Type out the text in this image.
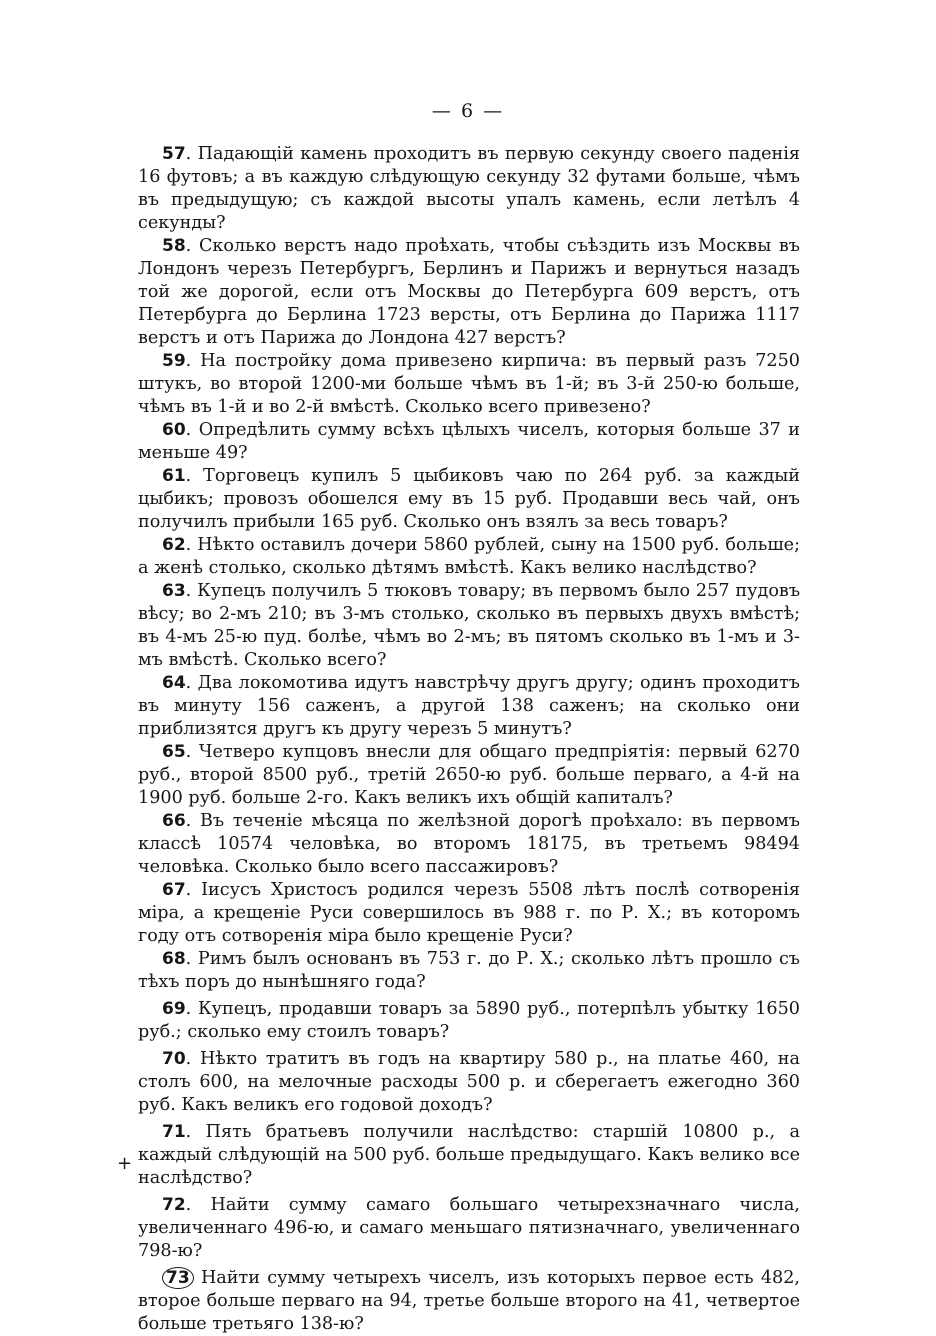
— 6 —

57. Падающій камень проходитъ въ первую секунду своего паденія 16 футовъ; а въ каждую слѣдующую секунду 32 футами больше, чѣмъ въ предыдущую; съ каждой высоты упалъ камень, если летѣлъ 4 секунды?

58. Сколько верстъ надо проѣхать, чтобы съѣздить изъ Москвы въ Лондонъ черезъ Петербургъ, Берлинъ и Парижъ и вернуться назадъ той же дорогой, если отъ Москвы до Петербурга 609 верстъ, отъ Петербурга до Берлина 1723 версты, отъ Берлина до Парижа 1117 верстъ и отъ Парижа до Лондона 427 верстъ?

59. На постройку дома привезено кирпича: въ первый разъ 7250 штукъ, во второй 1200-ми больше чѣмъ въ 1-й; въ 3-й 250-ю больше, чѣмъ въ 1-й и во 2-й вмѣстѣ. Сколько всего привезено?

60. Опредѣлить сумму всѣхъ цѣлыхъ чиселъ, которыя больше 37 и меньше 49?

61. Торговецъ купилъ 5 цыбиковъ чаю по 264 руб. за каждый цыбикъ; провозъ обошелся ему въ 15 руб. Продавши весь чай, онъ получилъ прибыли 165 руб. Сколько онъ взялъ за весь товаръ?

62. Нѣкто оставилъ дочери 5860 рублей, сыну на 1500 руб. больше; а женѣ столько, сколько дѣтямъ вмѣстѣ. Какъ велико наслѣдство?

63. Купецъ получилъ 5 тюковъ товару; въ первомъ было 257 пудовъ вѣсу; во 2-мъ 210; въ 3-мъ столько, сколько въ первыхъ двухъ вмѣстѣ; въ 4-мъ 25-ю пуд. болѣе, чѣмъ во 2-мъ; въ пятомъ сколько въ 1-мъ и 3-мъ вмѣстѣ. Сколько всего?

64. Два локомотива идутъ навстрѣчу другъ другу; одинъ проходитъ въ минуту 156 саженъ, а другой 138 саженъ; на сколько они приблизятся другъ къ другу черезъ 5 минутъ?

65. Четверо купцовъ внесли для общаго предпріятія: первый 6270 руб., второй 8500 руб., третій 2650-ю руб. больше перваго, а 4-й на 1900 руб. больше 2-го. Какъ великъ ихъ общій капиталъ?

66. Въ теченіе мѣсяца по желѣзной дорогѣ проѣхало: въ первомъ классѣ 10574 человѣка, во второмъ 18175, въ третьемъ 98494 человѣка. Сколько было всего пассажировъ?

67. Іисусъ Христосъ родился черезъ 5508 лѣтъ послѣ сотворенія міра, а крещеніе Руси совершилось въ 988 г. по Р. Х.; въ которомъ году отъ сотворенія міра было крещеніе Руси?

68. Римъ былъ основанъ въ 753 г. до Р. Х.; сколько лѣтъ прошло съ тѣхъ поръ до нынѣшняго года?

69. Купецъ, продавши товаръ за 5890 руб., потерпѣлъ убытку 1650 руб.; сколько ему стоилъ товаръ?

70. Нѣкто тратитъ въ годъ на квартиру 580 р., на платье 460, на столъ 600, на мелочные расходы 500 р. и сберегаетъ ежегодно 360 руб. Какъ великъ его годовой доходъ?

71. Пять братьевъ получили наслѣдство: старшій 10800 р., а каждый слѣдующій на 500 руб. больше предыдущаго. Какъ велико все наслѣдство?

72. Найти сумму самаго большаго четырехзначнаго числа, увеличеннаго 496-ю, и самаго меньшаго пятизначнаго, увеличеннаго 798-ю?

73 Найти сумму четырехъ чиселъ, изъ которыхъ первое есть 482, второе больше перваго на 94, третье больше второго на 41, четвертое больше третьяго 138-ю?

+
